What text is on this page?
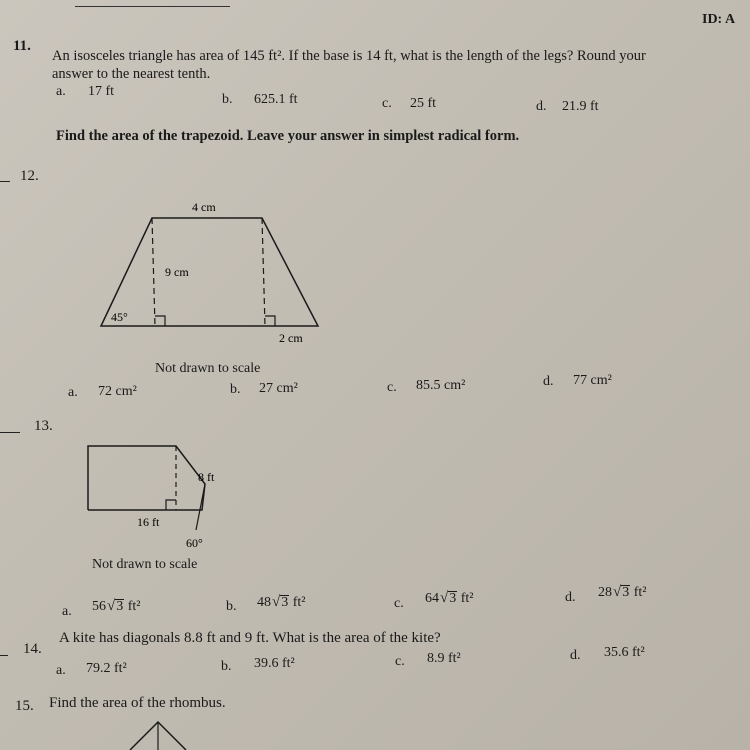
ID: A
11.
An isosceles triangle has area of 145 ft². If the base is 14 ft, what is the length of the legs? Round your
answer to the nearest tenth.
a. 17 ft
b. 625.1 ft	c. 25 ft	d. 21.9 ft
Find the area of the trapezoid. Leave your answer in simplest radical form.
12.
4 cm
9 cm
45°
2 cm
8 ft
16 ft
60°
Not drawn to scale
a. 72 cm²	b. 27 cm²	c. 85.5 cm²	d. 77 cm²
13.
Not drawn to scale
a. 56 √ 3
ft²	b. 48 √ 3
ft²	c. 64 √ 3
ft²	d. 28 √ 3
ft²
14.
A kite has diagonals 8.8 ft and 9 ft. What is the area of the kite?
a. 79.2 ft²	b. 39.6 ft²	c. 8.9 ft²	d. 35.6 ft²
15. Find the area of the rhombus.
